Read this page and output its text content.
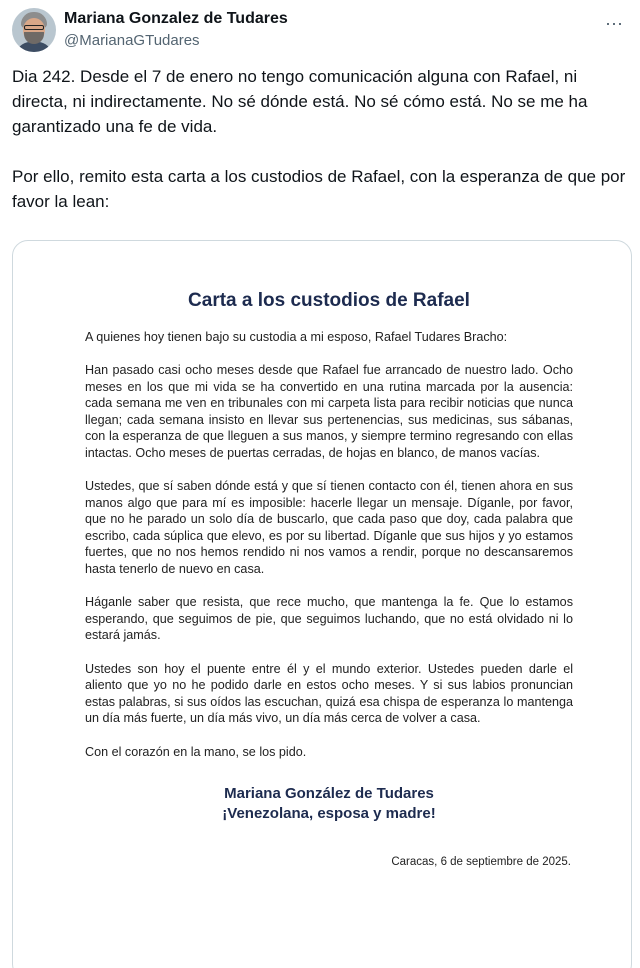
Mariana Gonzalez de Tudares
@MarianaGTudares
⋯

Dia 242. Desde el 7 de enero no tengo comunicación alguna con Rafael, ni directa, ni indirectamente. No sé dónde está. No sé cómo está. No se me ha garantizado una fe de vida.

Por ello, remito esta carta a los custodios de Rafael, con la esperanza de que por favor la lean:

Carta a los custodios de Rafael

A quienes hoy tienen bajo su custodia a mi esposo, Rafael Tudares Bracho:

Han pasado casi ocho meses desde que Rafael fue arrancado de nuestro lado. Ocho meses en los que mi vida se ha convertido en una rutina marcada por la ausencia: cada semana me ven en tribunales con mi carpeta lista para recibir noticias que nunca llegan; cada semana insisto en llevar sus pertenencias, sus medicinas, sus sábanas, con la esperanza de que lleguen a sus manos, y siempre termino regresando con ellas intactas. Ocho meses de puertas cerradas, de hojas en blanco, de manos vacías.

Ustedes, que sí saben dónde está y que sí tienen contacto con él, tienen ahora en sus manos algo que para mí es imposible: hacerle llegar un mensaje. Díganle, por favor, que no he parado un solo día de buscarlo, que cada paso que doy, cada palabra que escribo, cada súplica que elevo, es por su libertad. Díganle que sus hijos y yo estamos fuertes, que no nos hemos rendido ni nos vamos a rendir, porque no descansaremos hasta tenerlo de nuevo en casa.

Háganle saber que resista, que rece mucho, que mantenga la fe. Que lo estamos esperando, que seguimos de pie, que seguimos luchando, que no está olvidado ni lo estará jamás.

Ustedes son hoy el puente entre él y el mundo exterior. Ustedes pueden darle el aliento que yo no he podido darle en estos ocho meses. Y si sus labios pronuncian estas palabras, si sus oídos las escuchan, quizá esa chispa de esperanza lo mantenga un día más fuerte, un día más vivo, un día más cerca de volver a casa.

Con el corazón en la mano, se los pido.

Mariana González de Tudares
¡Venezolana, esposa y madre!
Caracas, 6 de septiembre de 2025.
